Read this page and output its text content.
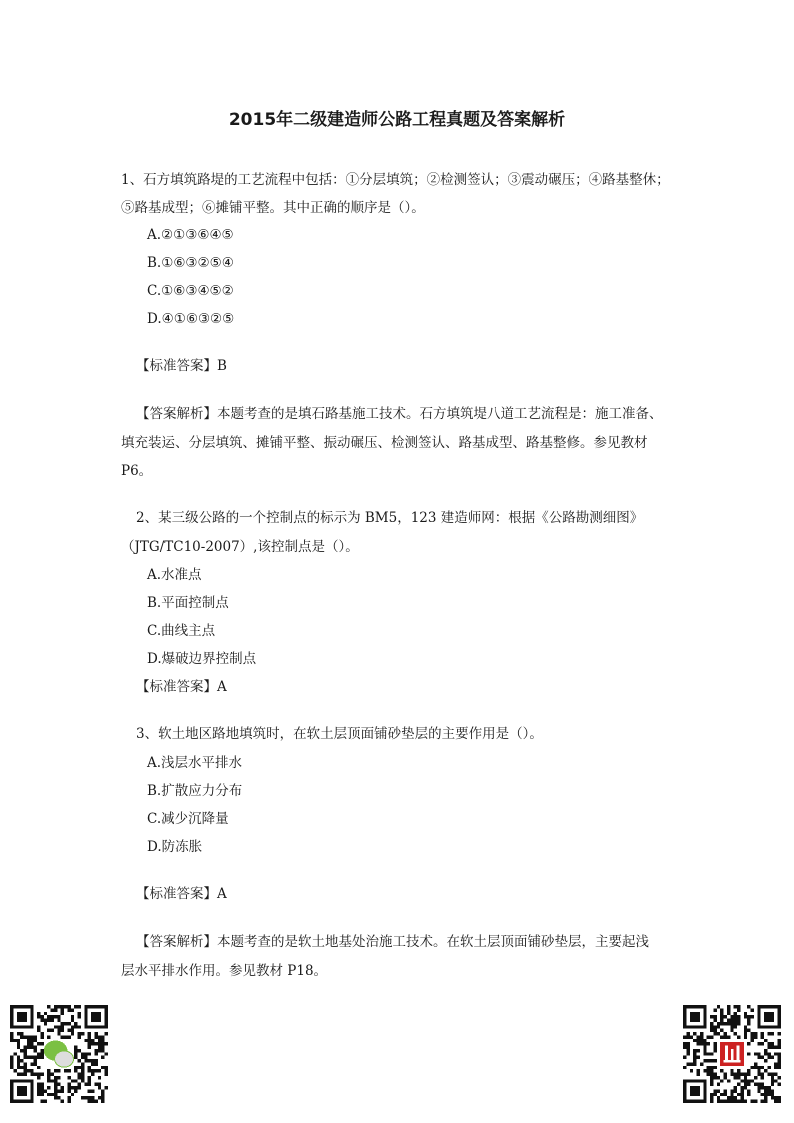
2015年二级建造师公路工程真题及答案解析
1、石方填筑路堤的工艺流程中包括：①分层填筑；②检测签认；③震动碾压；④路基整休；
⑤路基成型；⑥摊铺平整。其中正确的顺序是（）。
A.②①③⑥④⑤
B.①⑥③②⑤④
C.①⑥③④⑤②
D.④①⑥③②⑤
【标准答案】B
【答案解析】本题考查的是填石路基施工技术。石方填筑堤八道工艺流程是：施工准备、
填充装运、分层填筑、摊铺平整、振动碾压、检测签认、路基成型、路基整修。参见教材
P6。
2、某三级公路的一个控制点的标示为 BM5，123 建造师网：根据《公路勘测细图》
（JTG/TC10-2007）,该控制点是（）。
A.水准点
B.平面控制点
C.曲线主点
D.爆破边界控制点
【标准答案】A
3、软土地区路地填筑时，在软土层顶面铺砂垫层的主要作用是（）。
A.浅层水平排水
B.扩散应力分布
C.减少沉降量
D.防冻胀
【标准答案】A
【答案解析】本题考查的是软土地基处治施工技术。在软土层顶面铺砂垫层，主要起浅
层水平排水作用。参见教材 P18。
